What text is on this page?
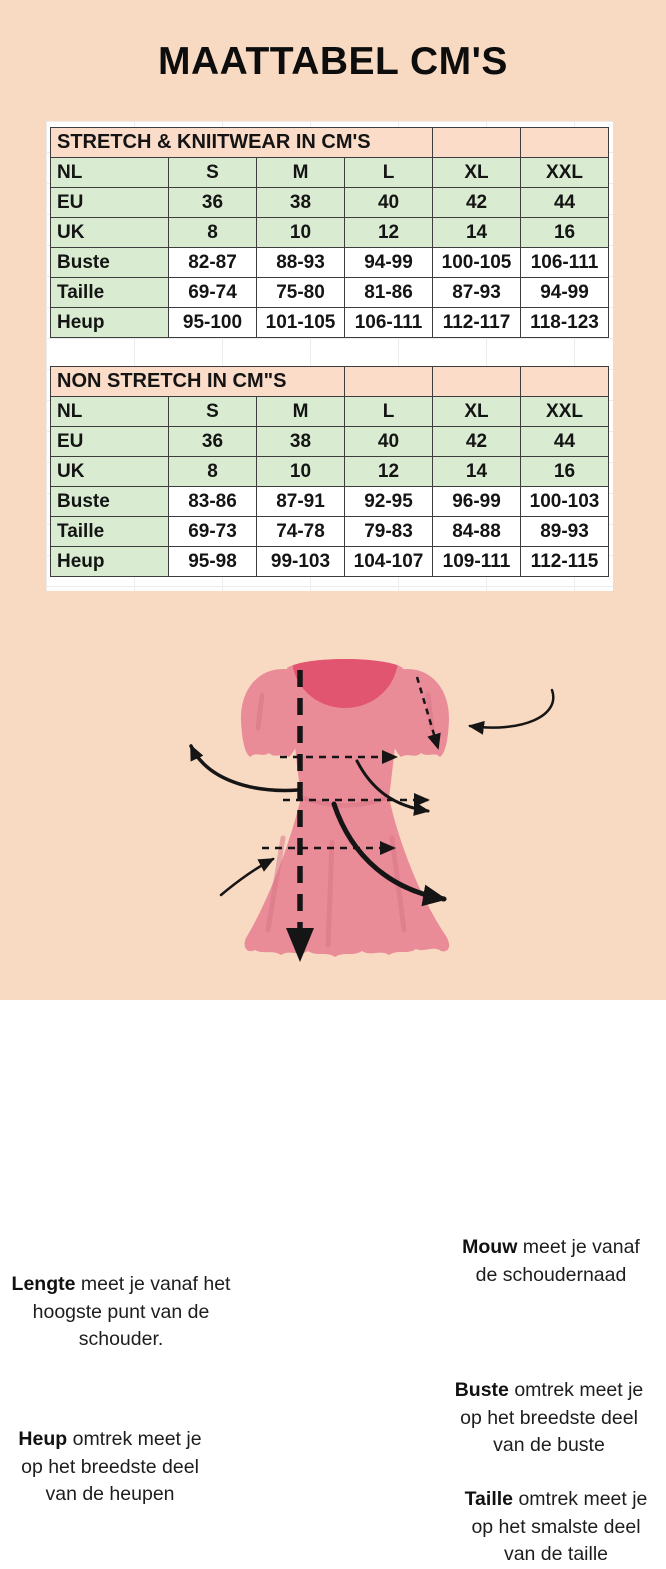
MAATTABEL CM'S
STRETCH & KNIITWEAR IN CM'S					
NL	S	M	L	XL	XXL
EU	36	38	40	42	44
UK	8	10	12	14	16
Buste	82-87	88-93	94-99	100-105	106-111
Taille	69-74	75-80	81-86	87-93	94-99
Heup	95-100	101-105	106-111	112-117	118-123
NON STRETCH IN CM"S					
NL	S	M	L	XL	XXL
EU	36	38	40	42	44
UK	8	10	12	14	16
Buste	83-86	87-91	92-95	96-99	100-103
Taille	69-73	74-78	79-83	84-88	89-93
Heup	95-98	99-103	104-107	109-111	112-115
Lengte meet je vanaf het
hoogste punt van de
schouder.
Mouw meet je vanaf
de schoudernaad
Buste omtrek meet je
op het breedste deel
van de buste
Heup omtrek meet je
op het breedste deel
van de heupen	Taille omtrek meet je
op het smalste deel
van de taille
